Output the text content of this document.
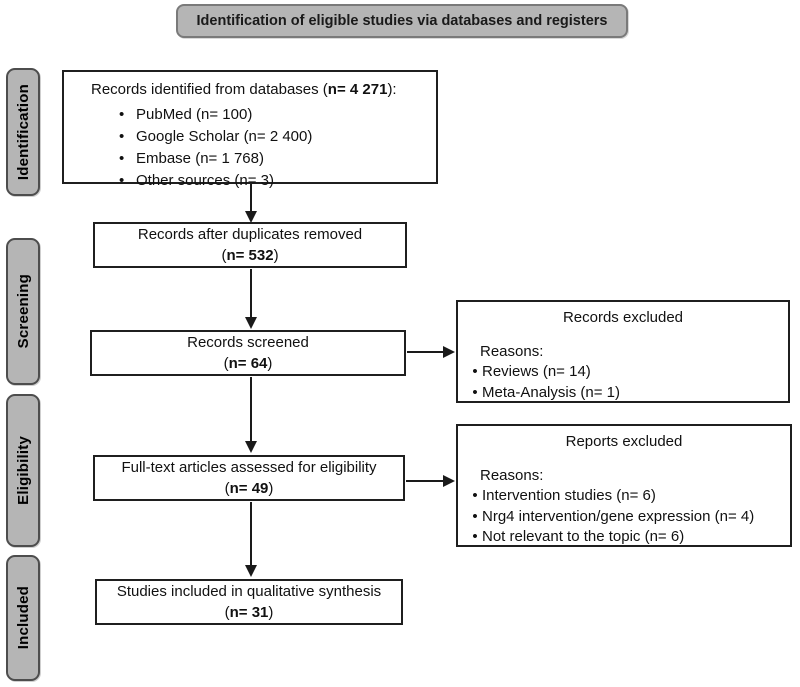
Identification of eligible studies via databases and registers
Identification
Screening
Eligibility
Included
Records identified from databases (n= 4 271):
• PubMed (n= 100)
• Google Scholar (n= 2 400)
• Embase (n= 1 768)
• Other sources (n= 3)
Records after duplicates removed
(n= 532)
Records screened
(n= 64)
Full-text articles assessed for eligibility
(n= 49)
Studies included in qualitative synthesis
(n= 31)
Records excluded
Reasons:
• Reviews (n= 14)
• Meta-Analysis (n= 1)
Reports excluded
Reasons:
• Intervention studies (n= 6)
• Nrg4 intervention/gene expression (n= 4)
• Not relevant to the topic (n= 6)
